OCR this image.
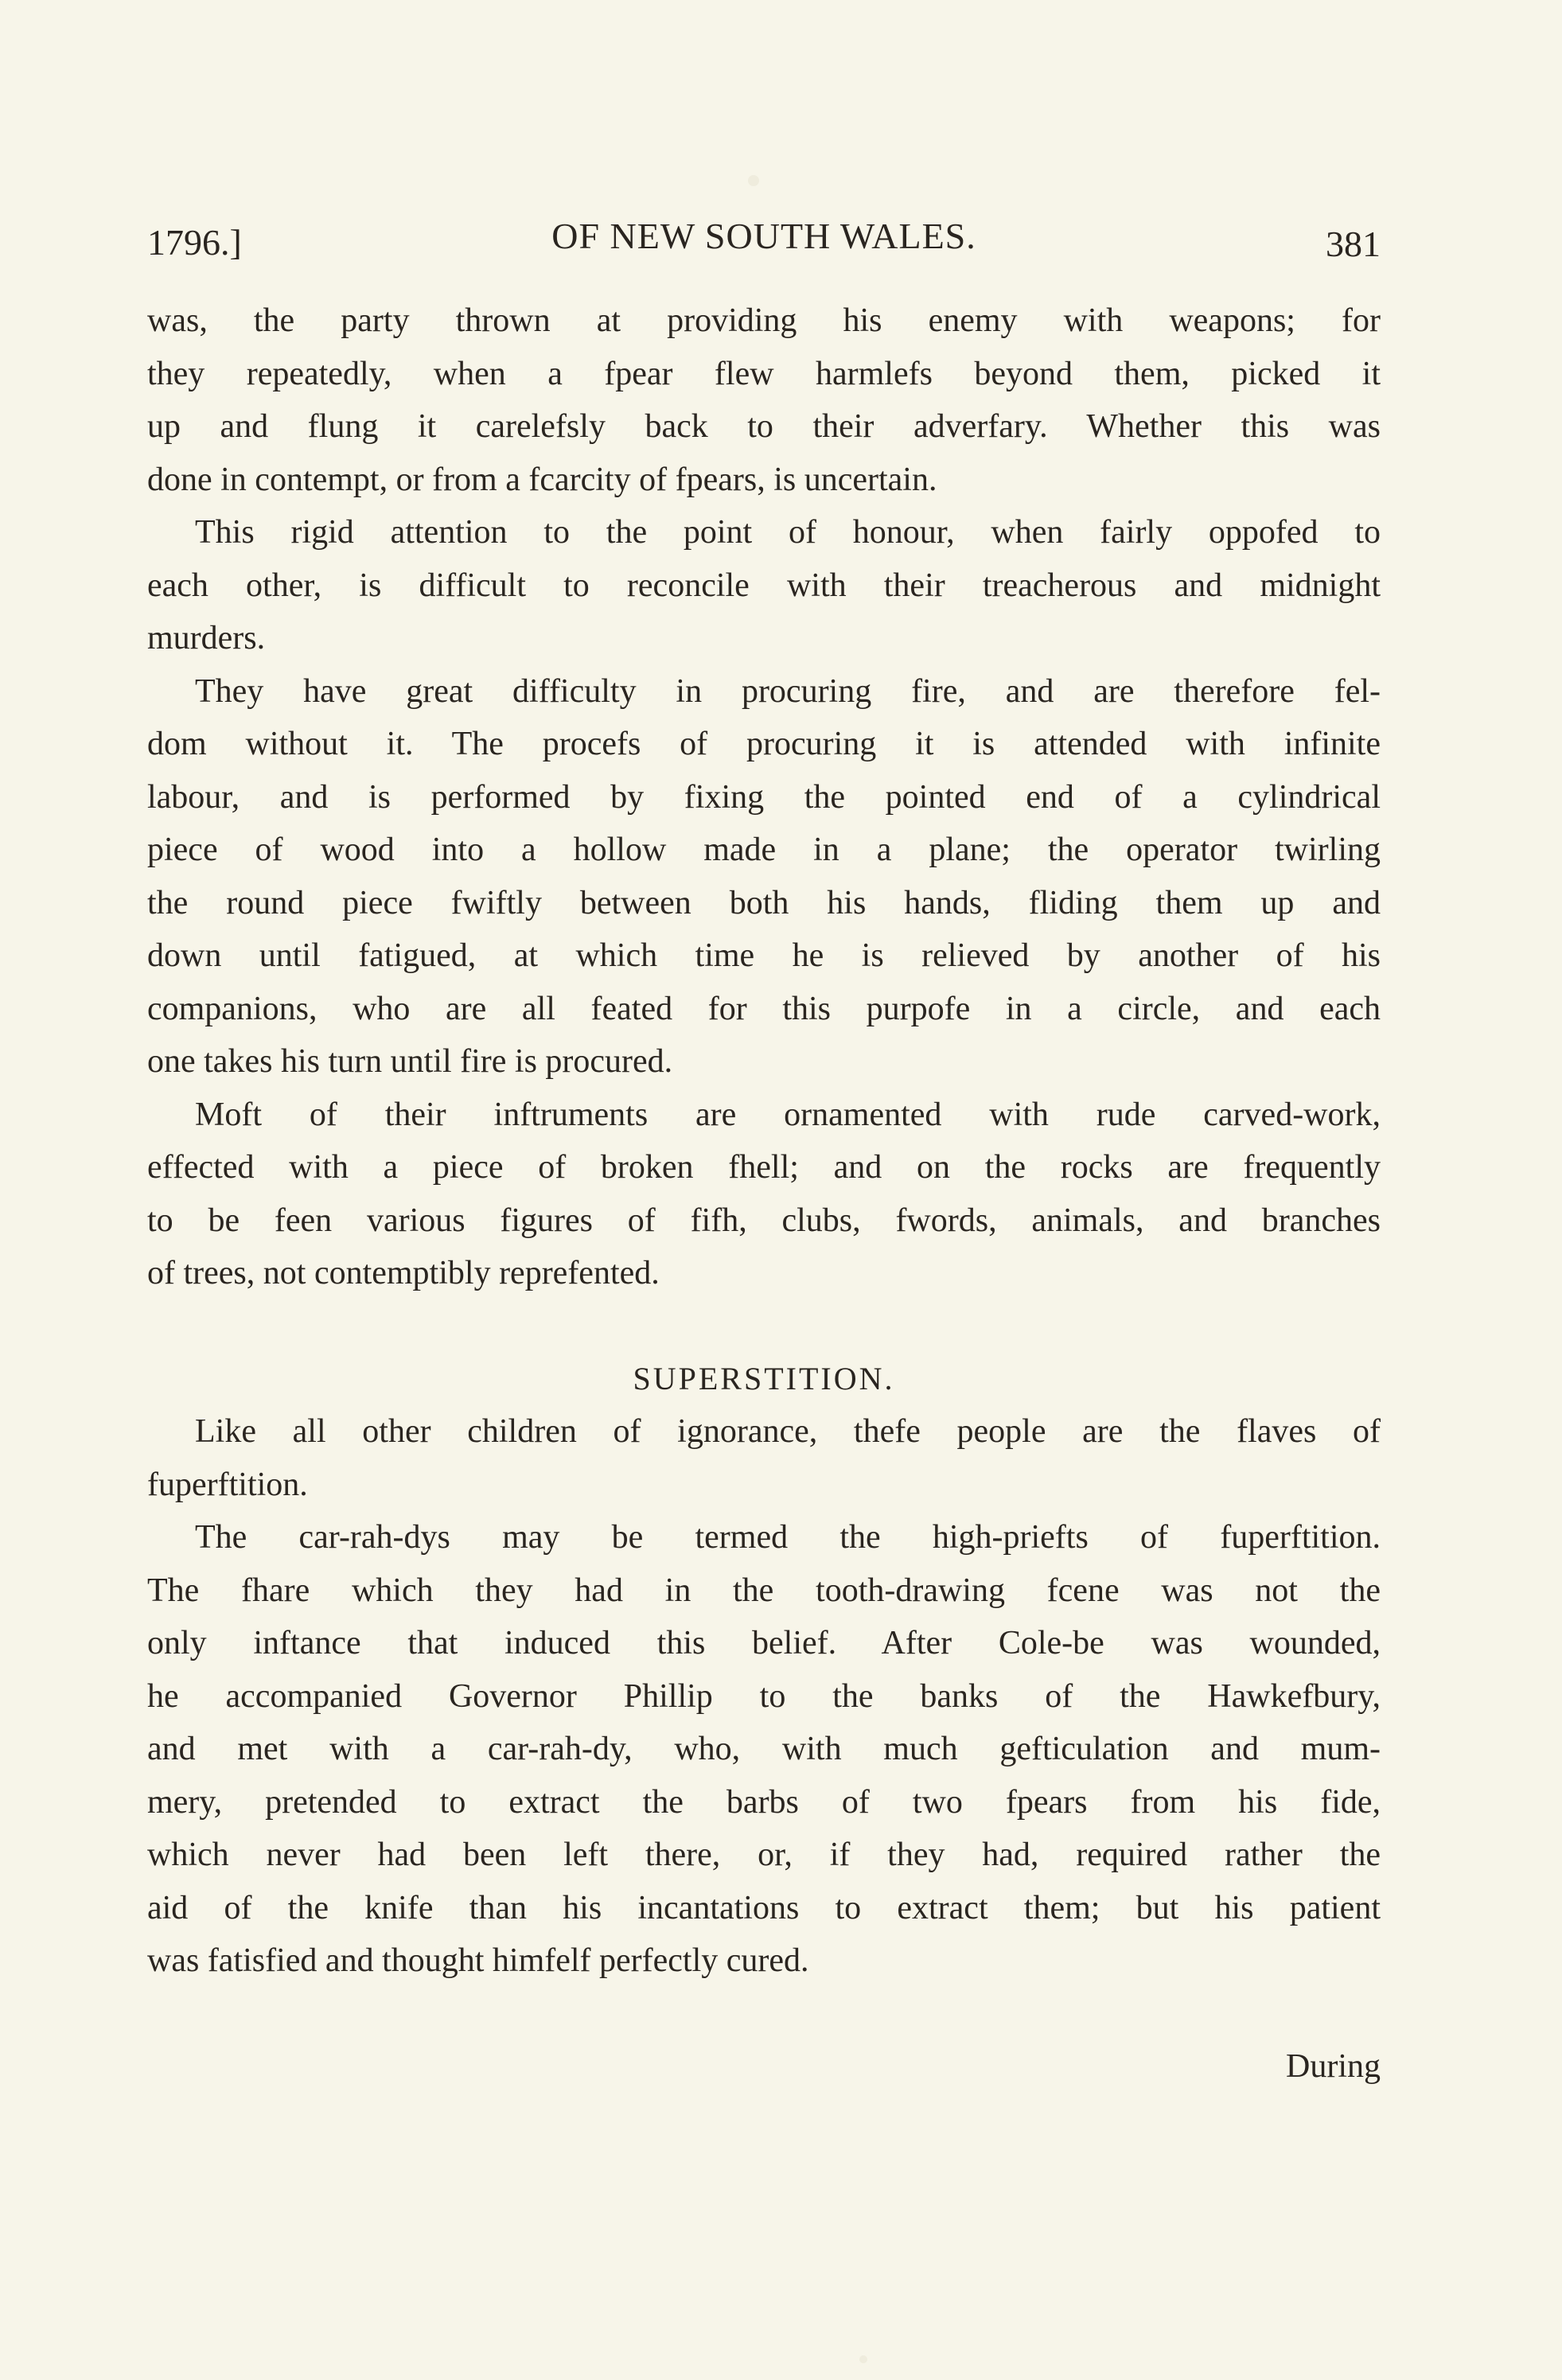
1796.]	OF NEW SOUTH WALES.	381
was, the party thrown at providing his enemy with weapons; for
they repeatedly, when a fpear flew harmlefs beyond them, picked it
up and flung it carelefsly back to their adverfary. Whether this was
done in contempt, or from a fcarcity of fpears, is uncertain.
This rigid attention to the point of honour, when fairly oppofed to
each other, is difficult to reconcile with their treacherous and midnight
murders.
They have great difficulty in procuring fire, and are therefore fel-
dom without it. The procefs of procuring it is attended with infinite
labour, and is performed by fixing the pointed end of a cylindrical
piece of wood into a hollow made in a plane; the operator twirling
the round piece fwiftly between both his hands, fliding them up and
down until fatigued, at which time he is relieved by another of his
companions, who are all feated for this purpofe in a circle, and each
one takes his turn until fire is procured.
Moft of their inftruments are ornamented with rude carved-work,
effected with a piece of broken fhell; and on the rocks are frequently
to be feen various figures of fifh, clubs, fwords, animals, and branches
of trees, not contemptibly reprefented.
SUPERSTITION.
Like all other children of ignorance, thefe people are the flaves of
fuperftition.
The car-rah-dys may be termed the high-priefts of fuperftition.
The fhare which they had in the tooth-drawing fcene was not the
only inftance that induced this belief. After Cole-be was wounded,
he accompanied Governor Phillip to the banks of the Hawkefbury,
and met with a car-rah-dy, who, with much gefticulation and mum-
mery, pretended to extract the barbs of two fpears from his fide,
which never had been left there, or, if they had, required rather the
aid of the knife than his incantations to extract them; but his patient
was fatisfied and thought himfelf perfectly cured.
During
